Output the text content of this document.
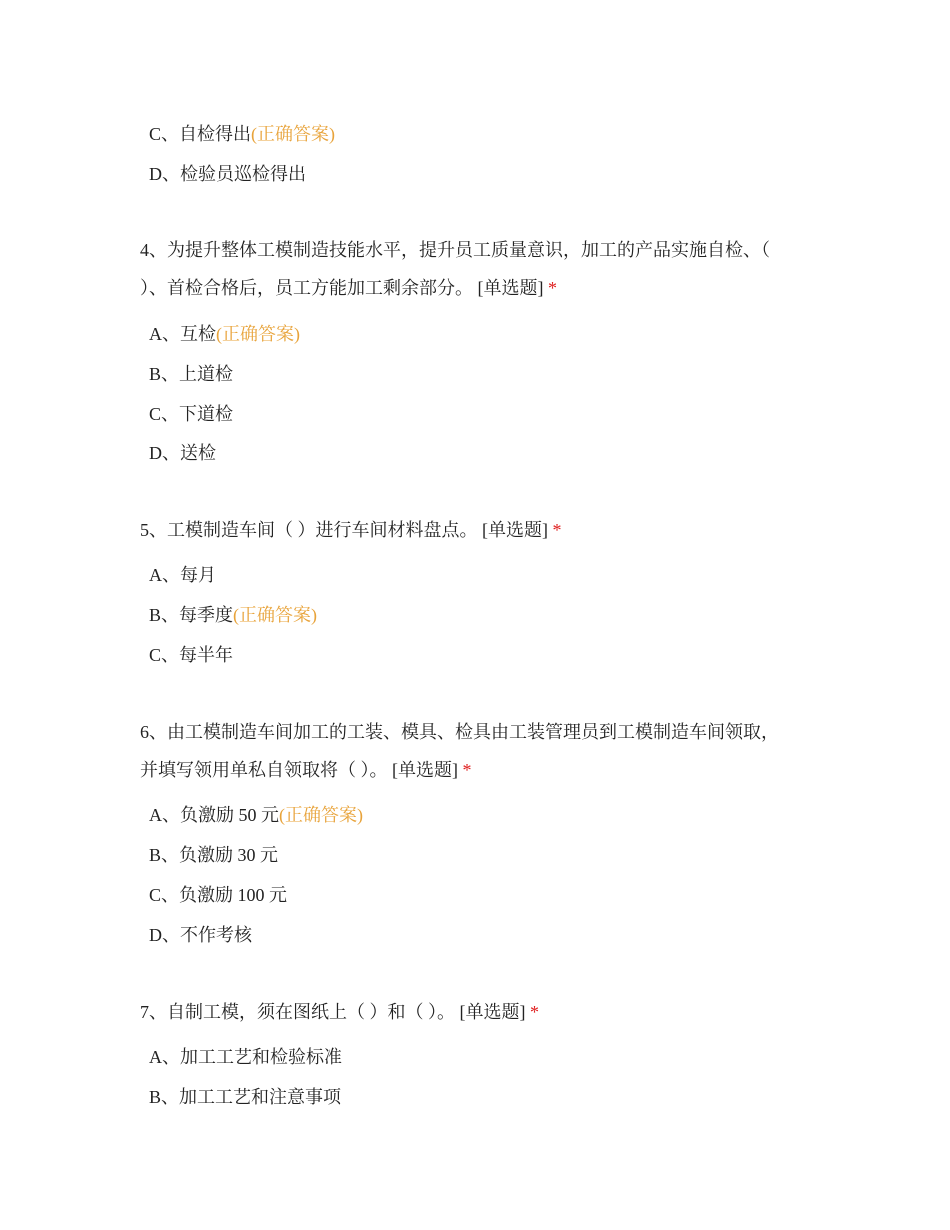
C、自检得出(正确答案)
D、检验员巡检得出
4、为提升整体工模制造技能水平，提升员工质量意识，加工的产品实施自检、（
）、首检合格后，员工方能加工剩余部分。 [单选题] *
A、互检(正确答案)
B、上道检
C、下道检
D、送检
5、工模制造车间（ ）进行车间材料盘点。 [单选题] *
A、每月
B、每季度(正确答案)
C、每半年
6、由工模制造车间加工的工装、模具、检具由工装管理员到工模制造车间领取，
并填写领用单私自领取将（ ）。 [单选题] *
A、负激励 50 元(正确答案)
B、负激励 30 元
C、负激励 100 元
D、不作考核
7、自制工模，须在图纸上（ ）和（ ）。 [单选题] *
A、加工工艺和检验标准
B、加工工艺和注意事项
